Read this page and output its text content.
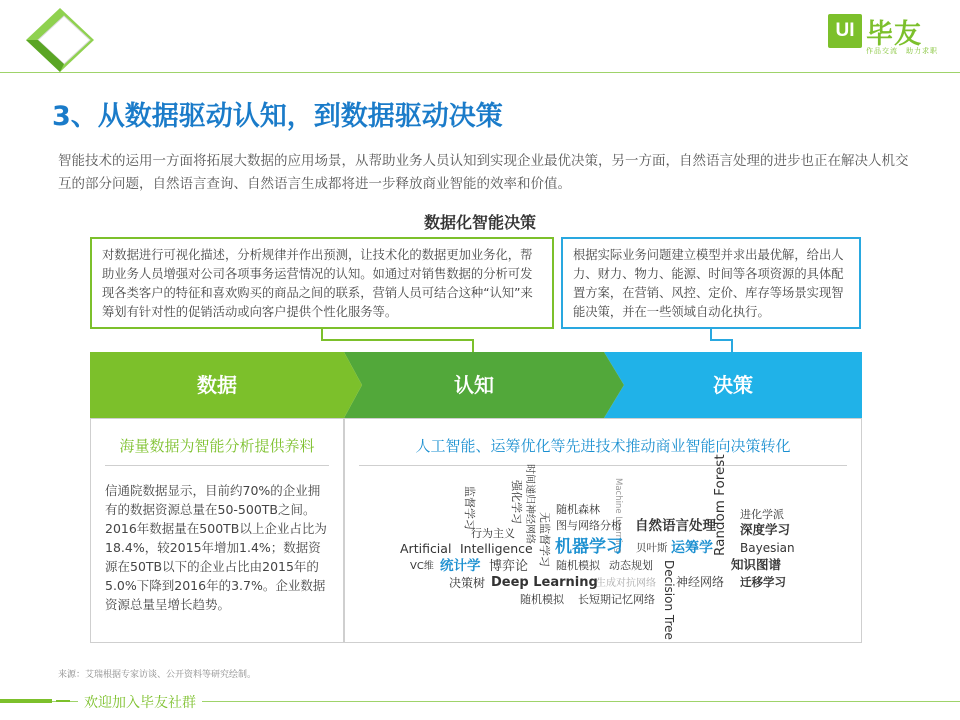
UI 毕友
作品交流　助力求职
3、从数据驱动认知，到数据驱动决策
智能技术的运用一方面将拓展大数据的应用场景，从帮助业务人员认知到实现企业最优决策，另一方面，自然语言处理的进步也正在解决人机交互的部分问题，自然语言查询、自然语言生成都将进一步释放商业智能的效率和价值。
数据化智能决策
对数据进行可视化描述，分析规律并作出预测，让技术化的数据更加业务化，帮助业务人员增强对公司各项事务运营情况的认知。如通过对销售数据的分析可发现各类客户的特征和喜欢购买的商品之间的联系，营销人员可结合这种“认知”来筹划有针对性的促销活动或向客户提供个性化服务等。
根据实际业务问题建立模型并求出最优解，给出人力、财力、物力、能源、时间等各项资源的具体配置方案，在营销、风控、定价、库存等场景实现智能决策，并在一些领域自动化执行。
数据	认知	决策
海量数据为智能分析提供养料
信通院数据显示，目前约70%的企业拥有的数据资源总量在50-500TB之间。2016年数据量在500TB以上企业占比为18.4%，较2015年增加1.4%；数据资源在50TB以下的企业占比由2015年的5.0%下降到2016年的3.7%。企业数据资源总量呈增长趋势。
人工智能、运筹优化等先进技术推动商业智能向决策转化
监督学习	强化学习 时间递归神经网络 无监督学习
行为主义	Machine Learning
随机森林
图与网络分析	Random Forest 进化学派
深度学习
Bayesian
Artificial Intelligence
自然语言处理
VC维 统计学 博弈论
机器学习 贝叶斯 运筹学
随机模拟 动态规划	知识图谱
决策树 Deep Learning
生成对抗网络 神经网络 迁移学习
随机模拟 长短期记忆网络 Decision Tree
来源：艾瑞根据专家访谈、公开资料等研究绘制。
欢迎加入毕友社群
